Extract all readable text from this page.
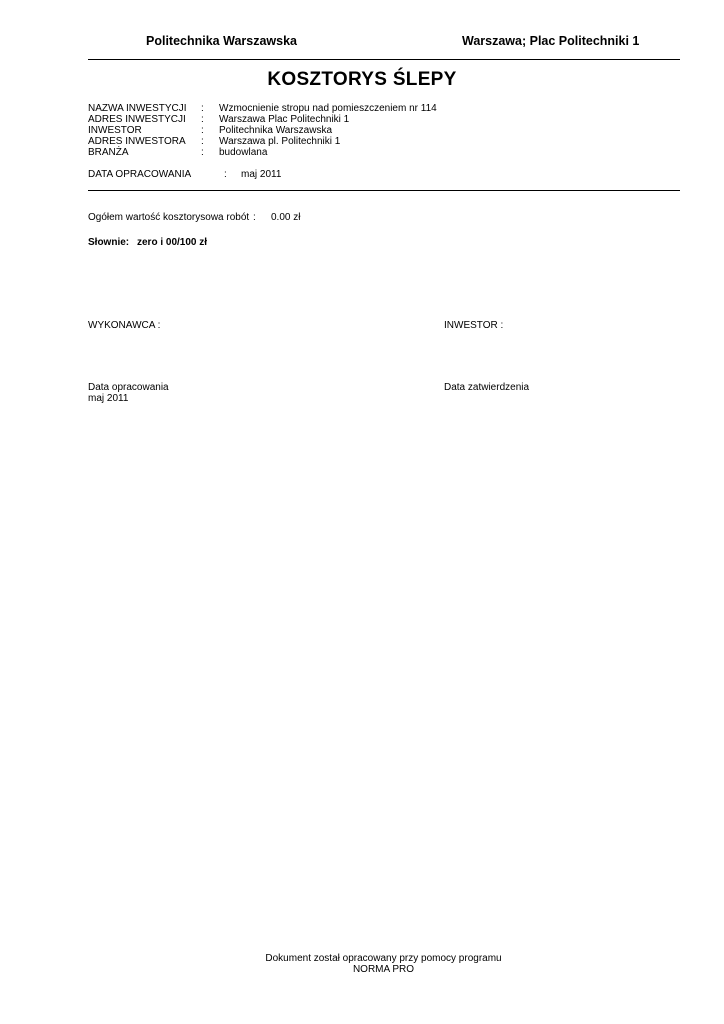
Politechnika Warszawska	Warszawa; Plac Politechniki 1
KOSZTORYS ŚLEPY
NAZWA INWESTYCJI : Wzmocnienie stropu nad pomieszczeniem nr 114
ADRES INWESTYCJI : Warszawa Plac Politechniki 1
INWESTOR	: Politechnika Warszawska
ADRES INWESTORA : Warszawa pl. Politechniki 1
BRANŻA	: budowlana
DATA OPRACOWANIA	: maj 2011
Ogółem wartość kosztorysowa robót : 0.00 zł
Słownie: zero i 00/100 zł
WYKONAWCA :	INWESTOR :
Data opracowania
maj 2011
Data zatwierdzenia
Dokument został opracowany przy pomocy programu
NORMA PRO
